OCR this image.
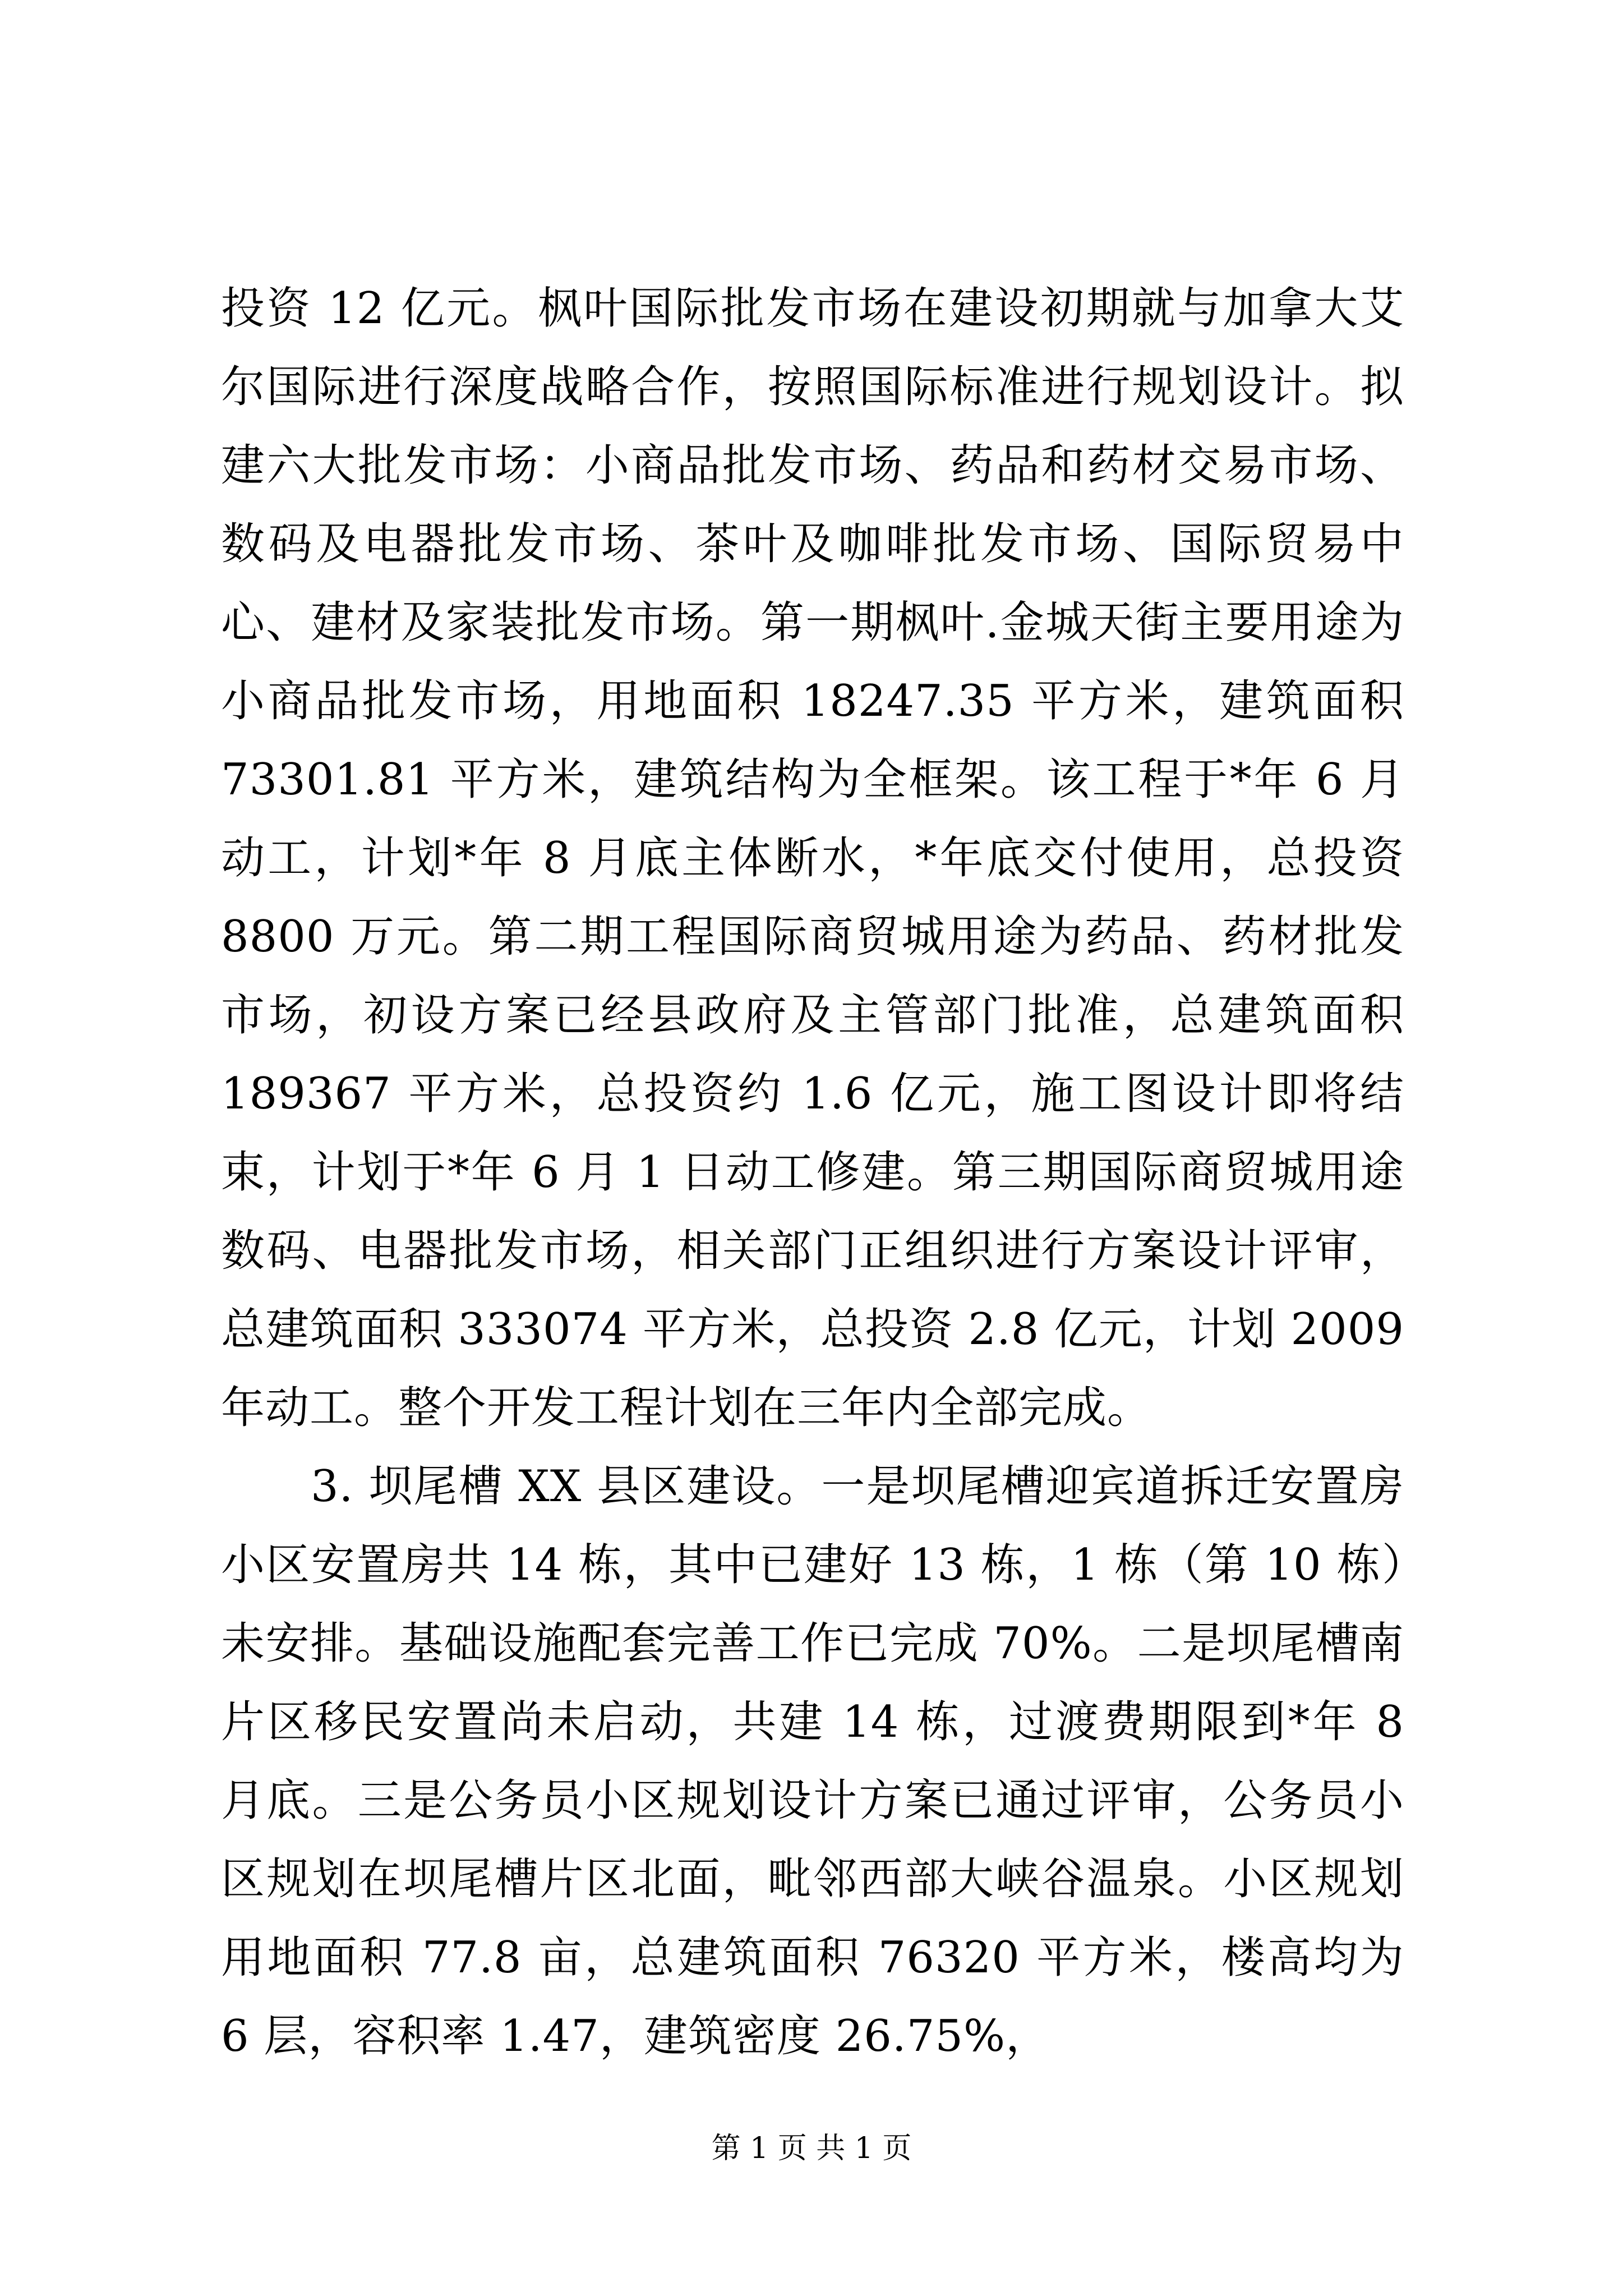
投资 12 亿元。枫叶国际批发市场在建设初期就与加拿大艾尔国际进行深度战略合作，按照国际标准进行规划设计。拟建六大批发市场：小商品批发市场、药品和药材交易市场、数码及电器批发市场、茶叶及咖啡批发市场、国际贸易中心、建材及家装批发市场。第一期枫叶.金城天街主要用途为小商品批发市场，用地面积 18247.35 平方米，建筑面积 73301.81 平方米，建筑结构为全框架。该工程于*年 6 月动工，计划*年 8 月底主体断水，*年底交付使用，总投资 8800 万元。第二期工程国际商贸城用途为药品、药材批发市场，初设方案已经县政府及主管部门批准，总建筑面积 189367 平方米，总投资约 1.6 亿元，施工图设计即将结束，计划于*年 6 月 1 日动工修建。第三期国际商贸城用途数码、电器批发市场，相关部门正组织进行方案设计评审，总建筑面积 333074 平方米，总投资 2.8 亿元，计划 2009 年动工。整个开发工程计划在三年内全部完成。

3. 坝尾槽 XX 县区建设。一是坝尾槽迎宾道拆迁安置房小区安置房共 14 栋，其中已建好 13 栋，1 栋（第 10 栋）未安排。基础设施配套完善工作已完成 70%。二是坝尾槽南片区移民安置尚未启动，共建 14 栋，过渡费期限到*年 8 月底。三是公务员小区规划设计方案已通过评审，公务员小区规划在坝尾槽片区北面，毗邻西部大峡谷温泉。小区规划用地面积 77.8 亩，总建筑面积 76320 平方米，楼高均为 6 层，容积率 1.47，建筑密度 26.75%，

第 1 页 共 1 页
